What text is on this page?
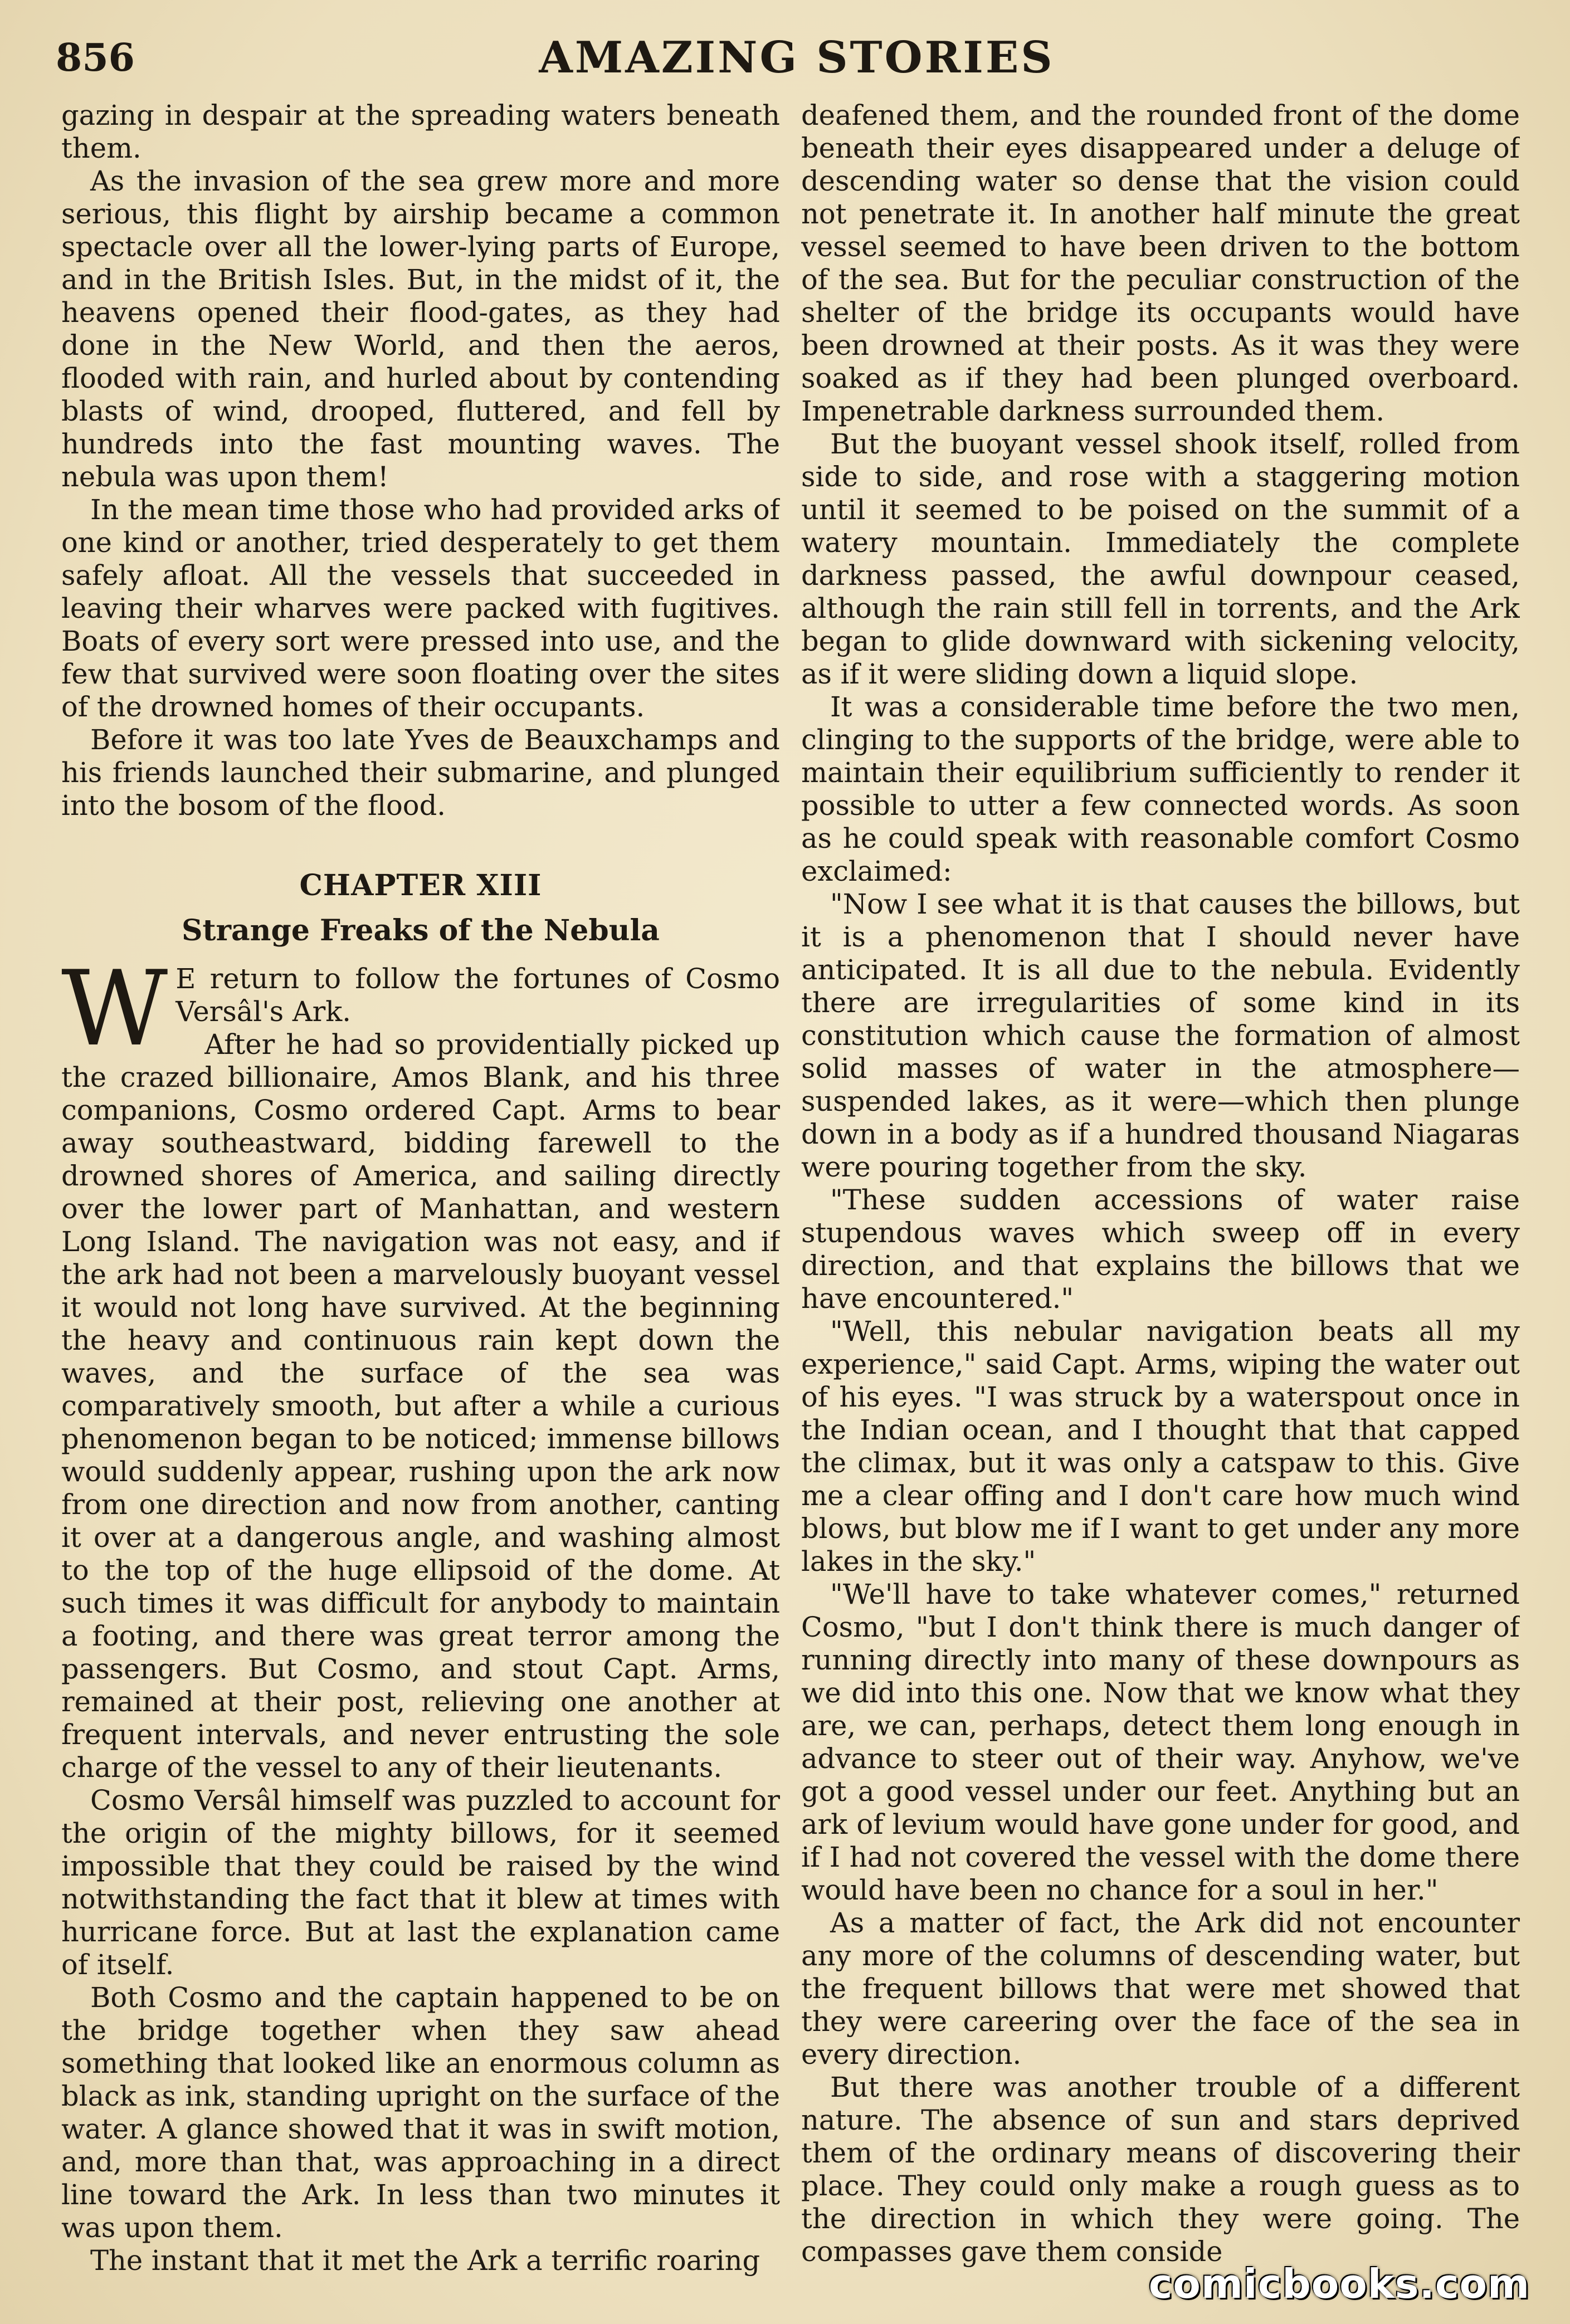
856	AMAZING STORIES

gazing in despair at the spreading waters beneath them.

As the invasion of the sea grew more and more serious, this flight by airship became a common spectacle over all the lower-lying parts of Europe, and in the British Isles. But, in the midst of it, the heavens opened their flood-gates, as they had done in the New World, and then the aeros, flooded with rain, and hurled about by contending blasts of wind, drooped, fluttered, and fell by hundreds into the fast mounting waves. The nebula was upon them!

In the mean time those who had provided arks of one kind or another, tried desperately to get them safely afloat. All the vessels that succeeded in leaving their wharves were packed with fugitives. Boats of every sort were pressed into use, and the few that survived were soon floating over the sites of the drowned homes of their occupants.

Before it was too late Yves de Beauxchamps and his friends launched their submarine, and plunged into the bosom of the flood.

CHAPTER XIII
Strange Freaks of the Nebula

W E return to follow the fortunes of Cosmo Versâl's Ark.

After he had so providentially picked up the crazed billionaire, Amos Blank, and his three companions, Cosmo ordered Capt. Arms to bear away southeastward, bidding farewell to the drowned shores of America, and sailing directly over the lower part of Manhattan, and western Long Island. The navigation was not easy, and if the ark had not been a marvelously buoyant vessel it would not long have survived. At the beginning the heavy and continuous rain kept down the waves, and the surface of the sea was comparatively smooth, but after a while a curious phenomenon began to be noticed; immense billows would suddenly appear, rushing upon the ark now from one direction and now from another, canting it over at a dangerous angle, and washing almost to the top of the huge ellipsoid of the dome. At such times it was difficult for anybody to maintain a footing, and there was great terror among the passengers. But Cosmo, and stout Capt. Arms, remained at their post, relieving one another at frequent intervals, and never entrusting the sole charge of the vessel to any of their lieutenants.

Cosmo Versâl himself was puzzled to account for the origin of the mighty billows, for it seemed impossible that they could be raised by the wind notwithstanding the fact that it blew at times with hurricane force. But at last the explanation came of itself.

Both Cosmo and the captain happened to be on the bridge together when they saw ahead something that looked like an enormous column as black as ink, standing upright on the surface of the water. A glance showed that it was in swift motion, and, more than that, was approaching in a direct line toward the Ark. In less than two minutes it was upon them.

The instant that it met the Ark a terrific roaring

deafened them, and the rounded front of the dome beneath their eyes disappeared under a deluge of descending water so dense that the vision could not penetrate it. In another half minute the great vessel seemed to have been driven to the bottom of the sea. But for the peculiar construction of the shelter of the bridge its occupants would have been drowned at their posts. As it was they were soaked as if they had been plunged overboard. Impenetrable darkness surrounded them.

But the buoyant vessel shook itself, rolled from side to side, and rose with a staggering motion until it seemed to be poised on the summit of a watery mountain. Immediately the complete darkness passed, the awful downpour ceased, although the rain still fell in torrents, and the Ark began to glide downward with sickening velocity, as if it were sliding down a liquid slope.

It was a considerable time before the two men, clinging to the supports of the bridge, were able to maintain their equilibrium sufficiently to render it possible to utter a few connected words. As soon as he could speak with reasonable comfort Cosmo exclaimed:

"Now I see what it is that causes the billows, but it is a phenomenon that I should never have anticipated. It is all due to the nebula. Evidently there are irregularities of some kind in its constitution which cause the formation of almost solid masses of water in the atmosphere—suspended lakes, as it were—which then plunge down in a body as if a hundred thousand Niagaras were pouring together from the sky.

"These sudden accessions of water raise stupendous waves which sweep off in every direction, and that explains the billows that we have encountered."

"Well, this nebular navigation beats all my experience," said Capt. Arms, wiping the water out of his eyes. "I was struck by a waterspout once in the Indian ocean, and I thought that that capped the climax, but it was only a catspaw to this. Give me a clear offing and I don't care how much wind blows, but blow me if I want to get under any more lakes in the sky."

"We'll have to take whatever comes," returned Cosmo, "but I don't think there is much danger of running directly into many of these downpours as we did into this one. Now that we know what they are, we can, perhaps, detect them long enough in advance to steer out of their way. Anyhow, we've got a good vessel under our feet. Anything but an ark of levium would have gone under for good, and if I had not covered the vessel with the dome there would have been no chance for a soul in her."

As a matter of fact, the Ark did not encounter any more of the columns of descending water, but the frequent billows that were met showed that they were careering over the face of the sea in every direction.

But there was another trouble of a different nature. The absence of sun and stars deprived them of the ordinary means of discovering their place. They could only make a rough guess as to the direction in which they were going. The compasses gave them conside

comicbooks.com
